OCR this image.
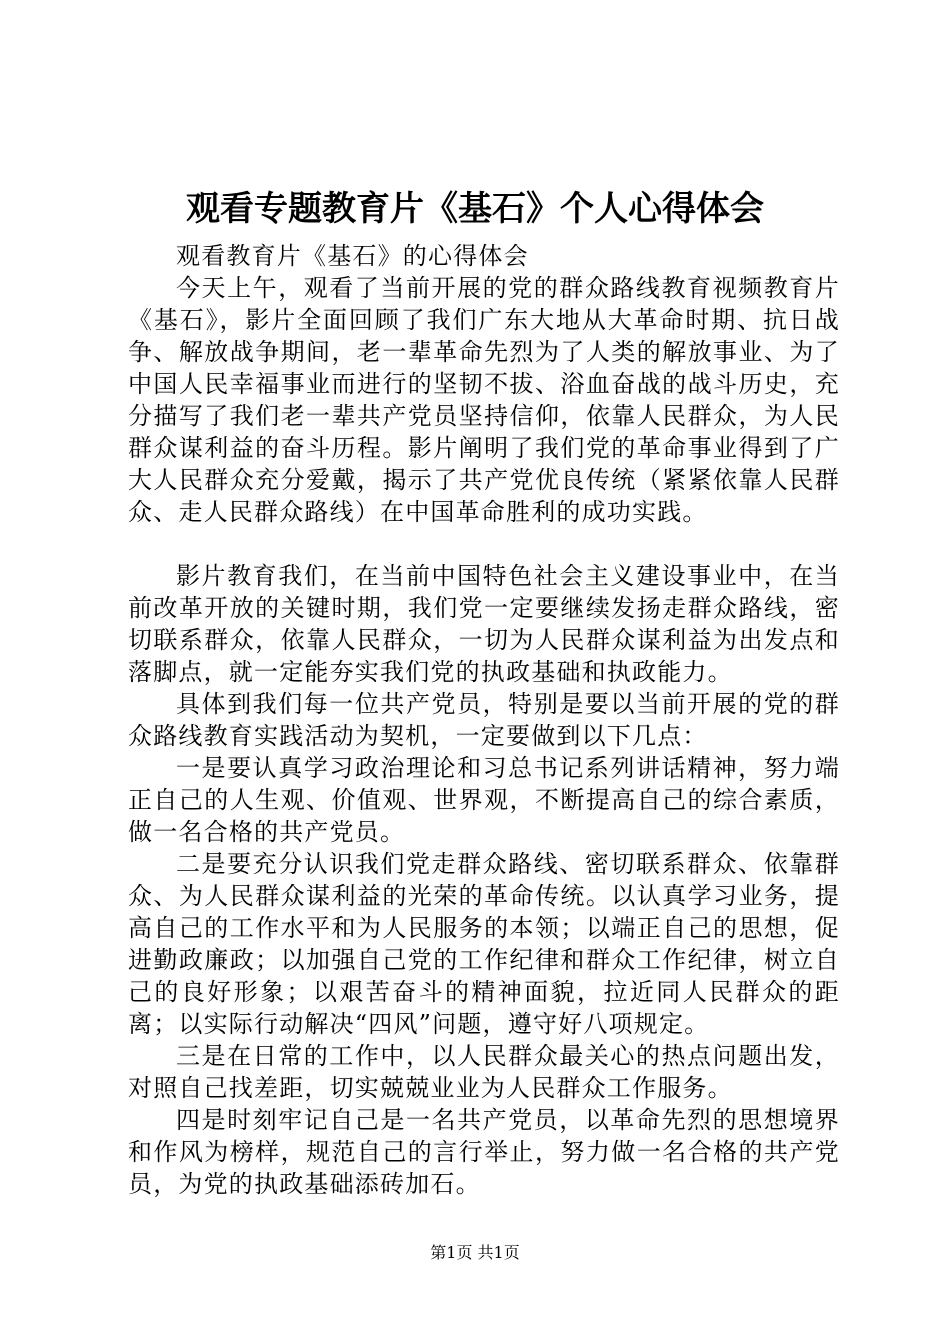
观看专题教育片《基石》个人心得体会

观看教育片《基石》的心得体会

今天上午，观看了当前开展的党的群众路线教育视频教育片《基石》，影片全面回顾了我们广东大地从大革命时期、抗日战争、解放战争期间，老一辈革命先烈为了人类的解放事业、为了中国人民幸福事业而进行的坚韧不拔、浴血奋战的战斗历史，充分描写了我们老一辈共产党员坚持信仰，依靠人民群众，为人民群众谋利益的奋斗历程。影片阐明了我们党的革命事业得到了广大人民群众充分爱戴，揭示了共产党优良传统（紧紧依靠人民群众、走人民群众路线）在中国革命胜利的成功实践。

影片教育我们，在当前中国特色社会主义建设事业中，在当前改革开放的关键时期，我们党一定要继续发扬走群众路线，密切联系群众，依靠人民群众，一切为人民群众谋利益为出发点和落脚点，就一定能夯实我们党的执政基础和执政能力。

具体到我们每一位共产党员，特别是要以当前开展的党的群众路线教育实践活动为契机，一定要做到以下几点：

一是要认真学习政治理论和习总书记系列讲话精神，努力端正自己的人生观、价值观、世界观，不断提高自己的综合素质，做一名合格的共产党员。

二是要充分认识我们党走群众路线、密切联系群众、依靠群众、为人民群众谋利益的光荣的革命传统。以认真学习业务，提高自己的工作水平和为人民服务的本领；以端正自己的思想，促进勤政廉政；以加强自己党的工作纪律和群众工作纪律，树立自己的良好形象；以艰苦奋斗的精神面貌，拉近同人民群众的距离；以实际行动解决“四风”问题，遵守好八项规定。

三是在日常的工作中，以人民群众最关心的热点问题出发，对照自己找差距，切实兢兢业业为人民群众工作服务。

四是时刻牢记自己是一名共产党员，以革命先烈的思想境界和作风为榜样，规范自己的言行举止，努力做一名合格的共产党员，为党的执政基础添砖加石。

第1页 共1页
